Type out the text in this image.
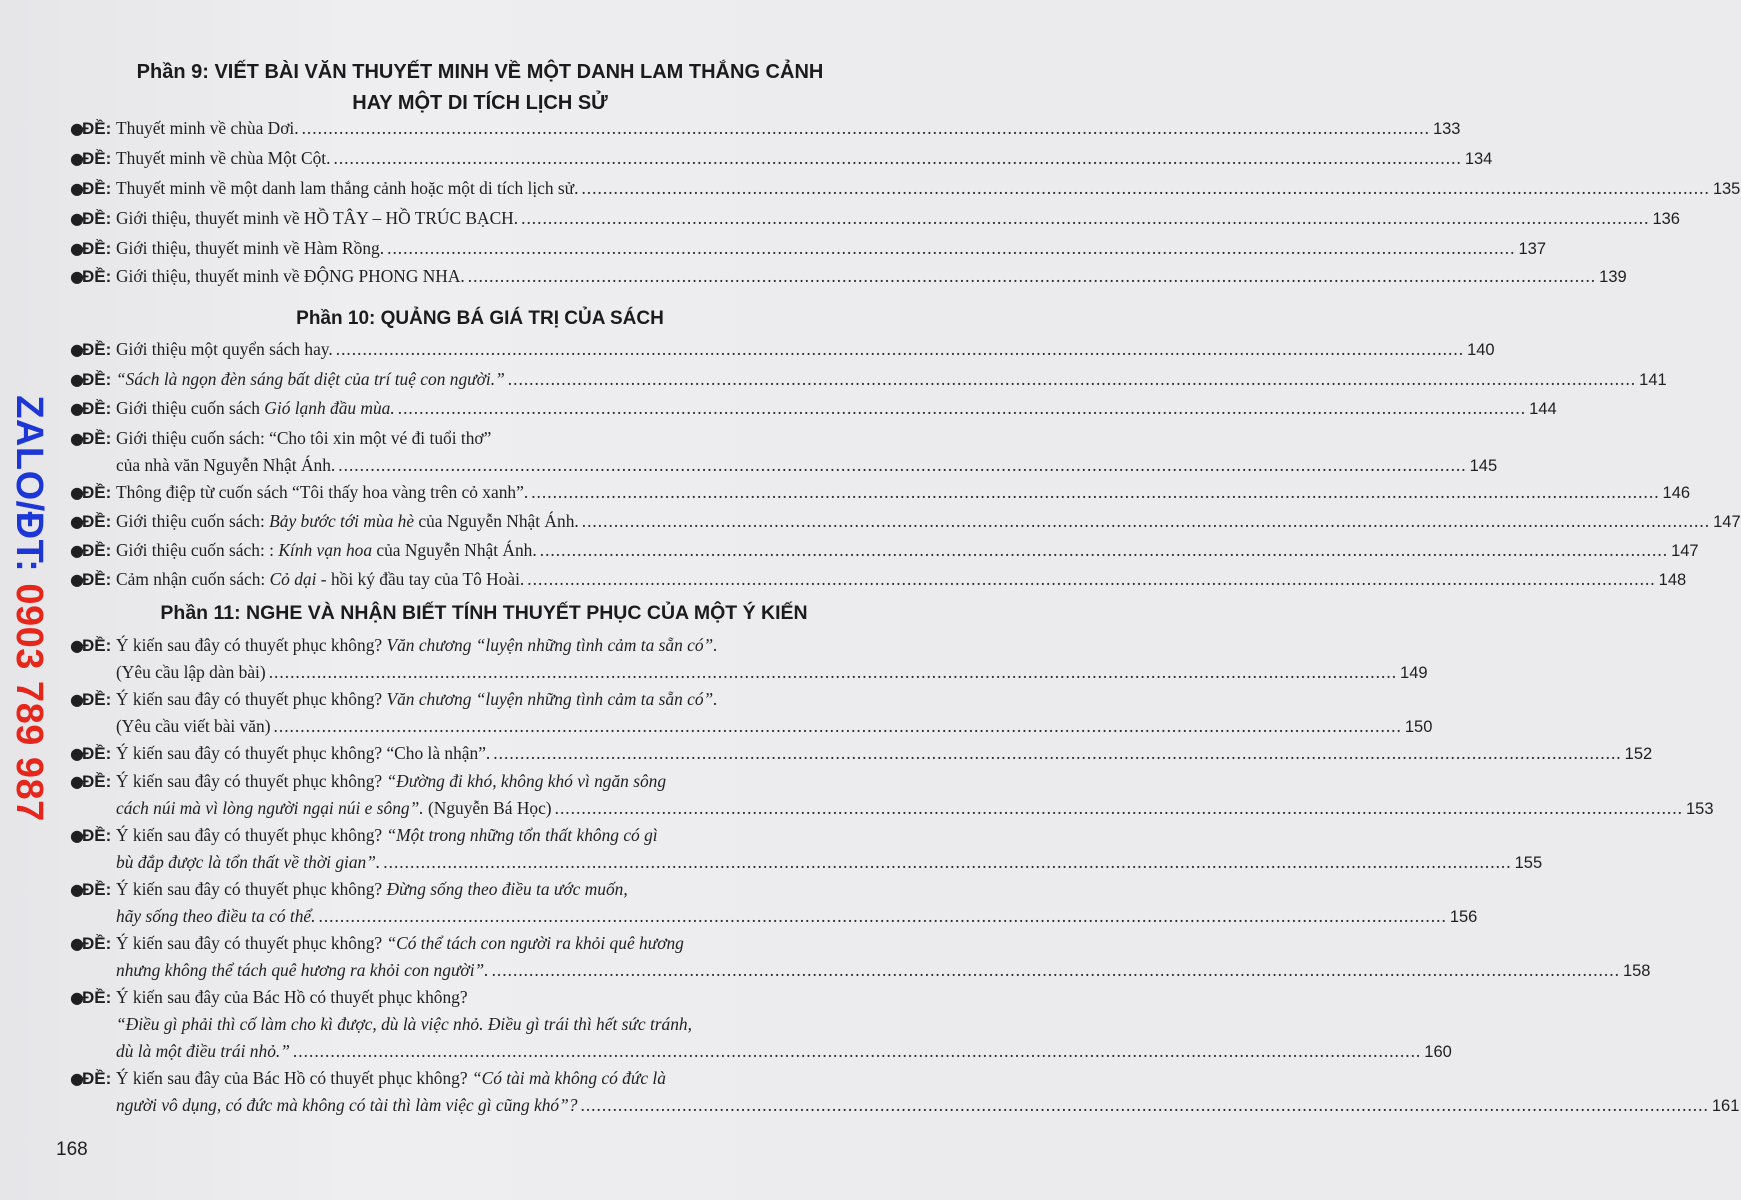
ZALO/ĐT: 0903 789 987
Phần 9: VIẾT BÀI VĂN THUYẾT MINH VỀ MỘT DANH LAM THẮNG CẢNH
HAY MỘT DI TÍCH LỊCH SỬ
●
ĐỀ: Thuyết minh về chùa Dơi. .....	133
●
ĐỀ: Thuyết minh về chùa Một Cột. .....	134
●
ĐỀ: Thuyết minh về một danh lam thắng cảnh hoặc một di tích lịch sử. .....	135
●
ĐỀ: Giới thiệu, thuyết minh về HỒ TÂY – HỒ TRÚC BẠCH. .....	136
●
ĐỀ: Giới thiệu, thuyết minh về Hàm Rồng. .....	137
●
ĐỀ: Giới thiệu, thuyết minh về ĐỘNG PHONG NHA. .....	139
Phần 10: QUẢNG BÁ GIÁ TRỊ CỦA SÁCH
●
ĐỀ: Giới thiệu một quyển sách hay. .....	140
●
ĐỀ: “Sách là ngọn đèn sáng bất diệt của trí tuệ con người.” .....	141
●
ĐỀ: Giới thiệu cuốn sách Gió lạnh đầu mùa. .....	144
●
ĐỀ: Giới thiệu cuốn sách: “Cho tôi xin một vé đi tuổi thơ”
của nhà văn Nguyễn Nhật Ánh. .....	145
●
ĐỀ: Thông điệp từ cuốn sách “Tôi thấy hoa vàng trên cỏ xanh”. .....	146
●
ĐỀ: Giới thiệu cuốn sách: Bảy bước tới mùa hè của Nguyễn Nhật Ánh. .....	147
●
ĐỀ: Giới thiệu cuốn sách: : Kính vạn hoa của Nguyễn Nhật Ánh. .....	147
●
ĐỀ: Cảm nhận cuốn sách: Cỏ dại - hồi ký đầu tay của Tô Hoài. .....	148
Phần 11: NGHE VÀ NHẬN BIẾT TÍNH THUYẾT PHỤC CỦA MỘT Ý KIẾN
●
ĐỀ: Ý kiến sau đây có thuyết phục không? Văn chương “luyện những tình cảm ta sẵn có”.
(Yêu cầu lập dàn bài) .....	149
●
ĐỀ: Ý kiến sau đây có thuyết phục không? Văn chương “luyện những tình cảm ta sẵn có”.
(Yêu cầu viết bài văn) .....	150
●
ĐỀ: Ý kiến sau đây có thuyết phục không? “Cho là nhận”. .....	152
●
ĐỀ: Ý kiến sau đây có thuyết phục không? “Đường đi khó, không khó vì ngăn sông
cách núi mà vì lòng người ngại núi e sông”. (Nguyễn Bá Học) .....	153
●
ĐỀ: Ý kiến sau đây có thuyết phục không? “Một trong những tổn thất không có gì
bù đắp được là tổn thất về thời gian”. .....	155
●
ĐỀ: Ý kiến sau đây có thuyết phục không? Đừng sống theo điều ta ước muốn,
hãy sống theo điều ta có thể. .....	156
●
ĐỀ: Ý kiến sau đây có thuyết phục không? “Có thể tách con người ra khỏi quê hương
nhưng không thể tách quê hương ra khỏi con người”. .....	158
●
ĐỀ: Ý kiến sau đây của Bác Hồ có thuyết phục không?
“Điều gì phải thì cố làm cho kì được, dù là việc nhỏ. Điều gì trái thì hết sức tránh,
dù là một điều trái nhỏ.” .....	160
●
ĐỀ: Ý kiến sau đây của Bác Hồ có thuyết phục không? “Có tài mà không có đức là
người vô dụng, có đức mà không có tài thì làm việc gì cũng khó”? .....	161
168
